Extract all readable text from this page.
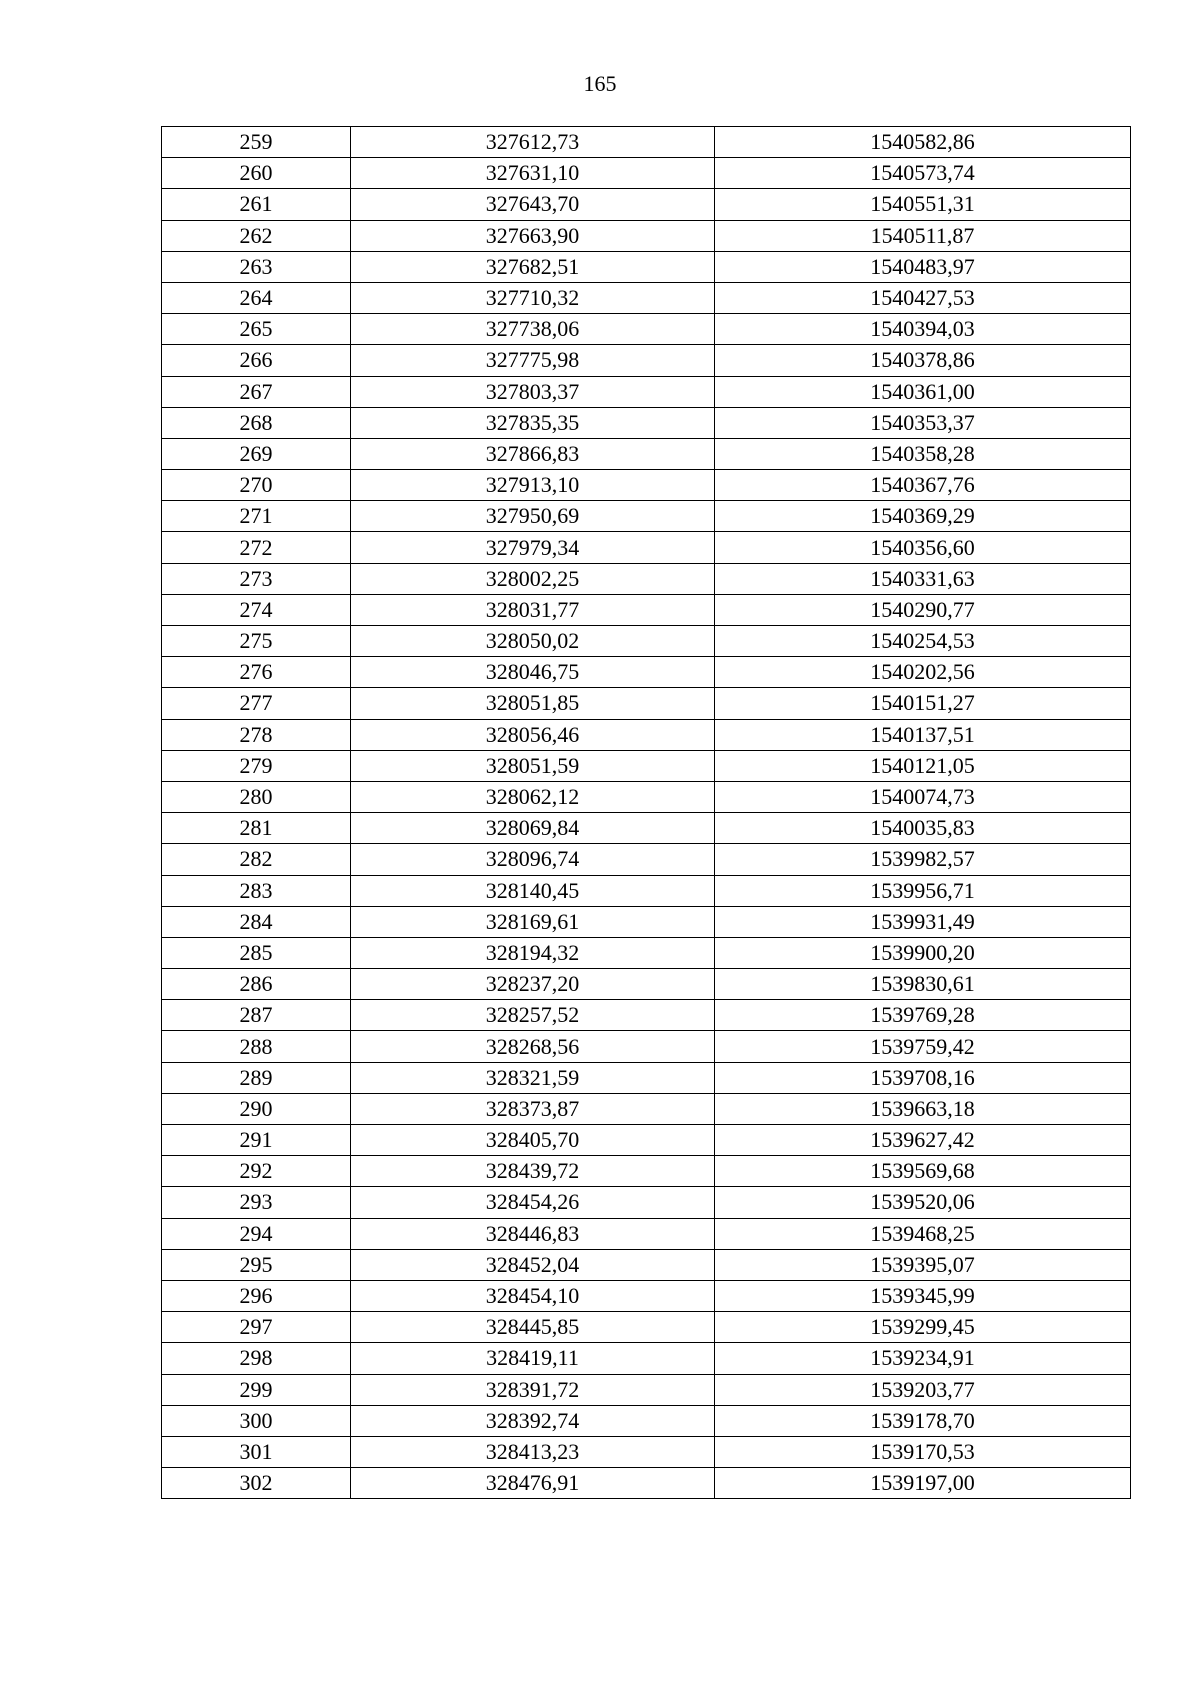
165
259	327612,73	1540582,86
260	327631,10	1540573,74
261	327643,70	1540551,31
262	327663,90	1540511,87
263	327682,51	1540483,97
264	327710,32	1540427,53
265	327738,06	1540394,03
266	327775,98	1540378,86
267	327803,37	1540361,00
268	327835,35	1540353,37
269	327866,83	1540358,28
270	327913,10	1540367,76
271	327950,69	1540369,29
272	327979,34	1540356,60
273	328002,25	1540331,63
274	328031,77	1540290,77
275	328050,02	1540254,53
276	328046,75	1540202,56
277	328051,85	1540151,27
278	328056,46	1540137,51
279	328051,59	1540121,05
280	328062,12	1540074,73
281	328069,84	1540035,83
282	328096,74	1539982,57
283	328140,45	1539956,71
284	328169,61	1539931,49
285	328194,32	1539900,20
286	328237,20	1539830,61
287	328257,52	1539769,28
288	328268,56	1539759,42
289	328321,59	1539708,16
290	328373,87	1539663,18
291	328405,70	1539627,42
292	328439,72	1539569,68
293	328454,26	1539520,06
294	328446,83	1539468,25
295	328452,04	1539395,07
296	328454,10	1539345,99
297	328445,85	1539299,45
298	328419,11	1539234,91
299	328391,72	1539203,77
300	328392,74	1539178,70
301	328413,23	1539170,53
302	328476,91	1539197,00
